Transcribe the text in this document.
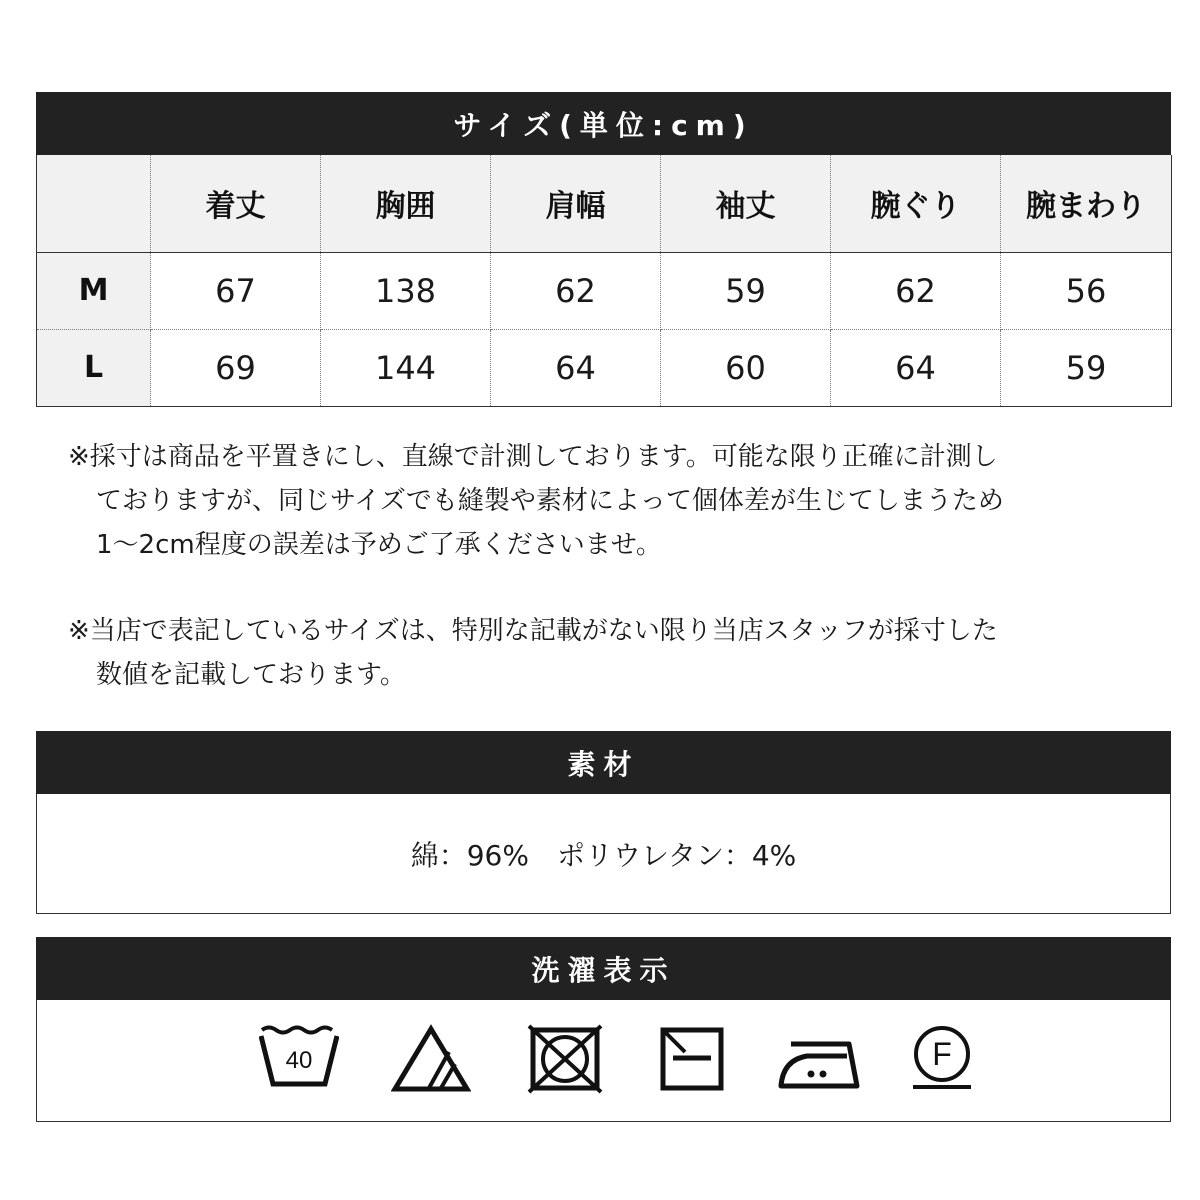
サイズ(単位:cm)
	着丈	胸囲	肩幅	袖丈	腕ぐり	腕まわり
M	67	138	62	59	62	56
L	69	144	64	60	64	59
※採寸は商品を平置きにし、直線で計測しております。可能な限り正確に計測し
ておりますが、同じサイズでも縫製や素材によって個体差が生じてしまうため
1～2cm程度の誤差は予めご了承くださいませ。
※当店で表記しているサイズは、特別な記載がない限り当店スタッフが採寸した
数値を記載しております。
素材
綿：96%　ポリウレタン：4%
洗濯表示
40	F
